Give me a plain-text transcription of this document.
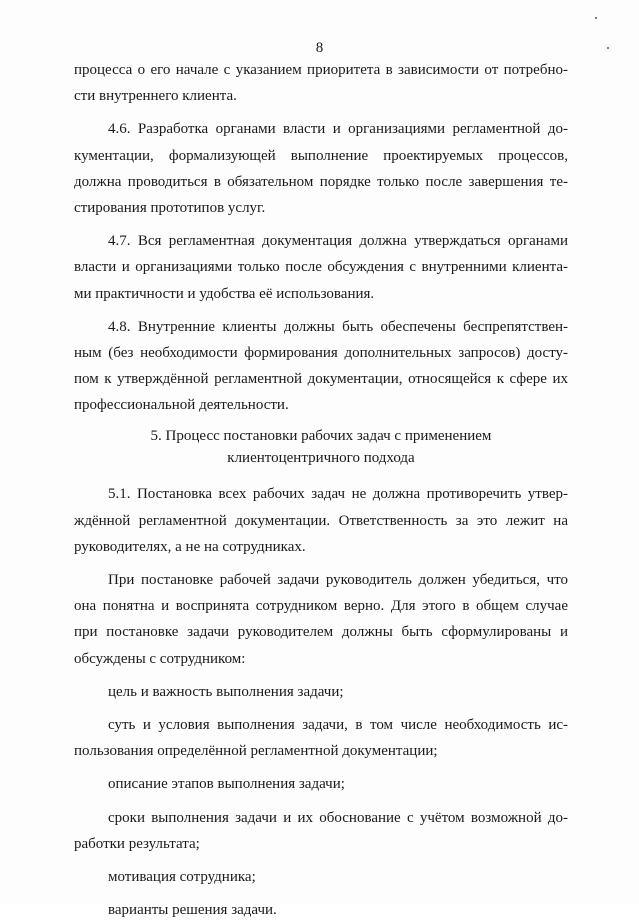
8
процесса о его начале с указанием приоритета в зависимости от потребно-
сти внутреннего клиента.
4.6. Разработка органами власти и организациями регламентной до-
кументации, формализующей выполнение проектируемых процессов,
должна проводиться в обязательном порядке только после завершения те-
стирования прототипов услуг.
4.7. Вся регламентная документация должна утверждаться органами
власти и организациями только после обсуждения с внутренними клиента-
ми практичности и удобства её использования.
4.8. Внутренние клиенты должны быть обеспечены беспрепятствен-
ным (без необходимости формирования дополнительных запросов) досту-
пом к утверждённой регламентной документации, относящейся к сфере их
профессиональной деятельности.
5. Процесс постановки рабочих задач с применением
клиентоцентричного подхода
5.1. Постановка всех рабочих задач не должна противоречить утвер-
ждённой регламентной документации. Ответственность за это лежит на
руководителях, а не на сотрудниках.
При постановке рабочей задачи руководитель должен убедиться, что
она понятна и воспринята сотрудником верно. Для этого в общем случае
при постановке задачи руководителем должны быть сформулированы и
обсуждены с сотрудником:
цель и важность выполнения задачи;
суть и условия выполнения задачи, в том числе необходимость ис-
пользования определённой регламентной документации;
описание этапов выполнения задачи;
сроки выполнения задачи и их обоснование с учётом возможной до-
работки результата;
мотивация сотрудника;
варианты решения задачи.
